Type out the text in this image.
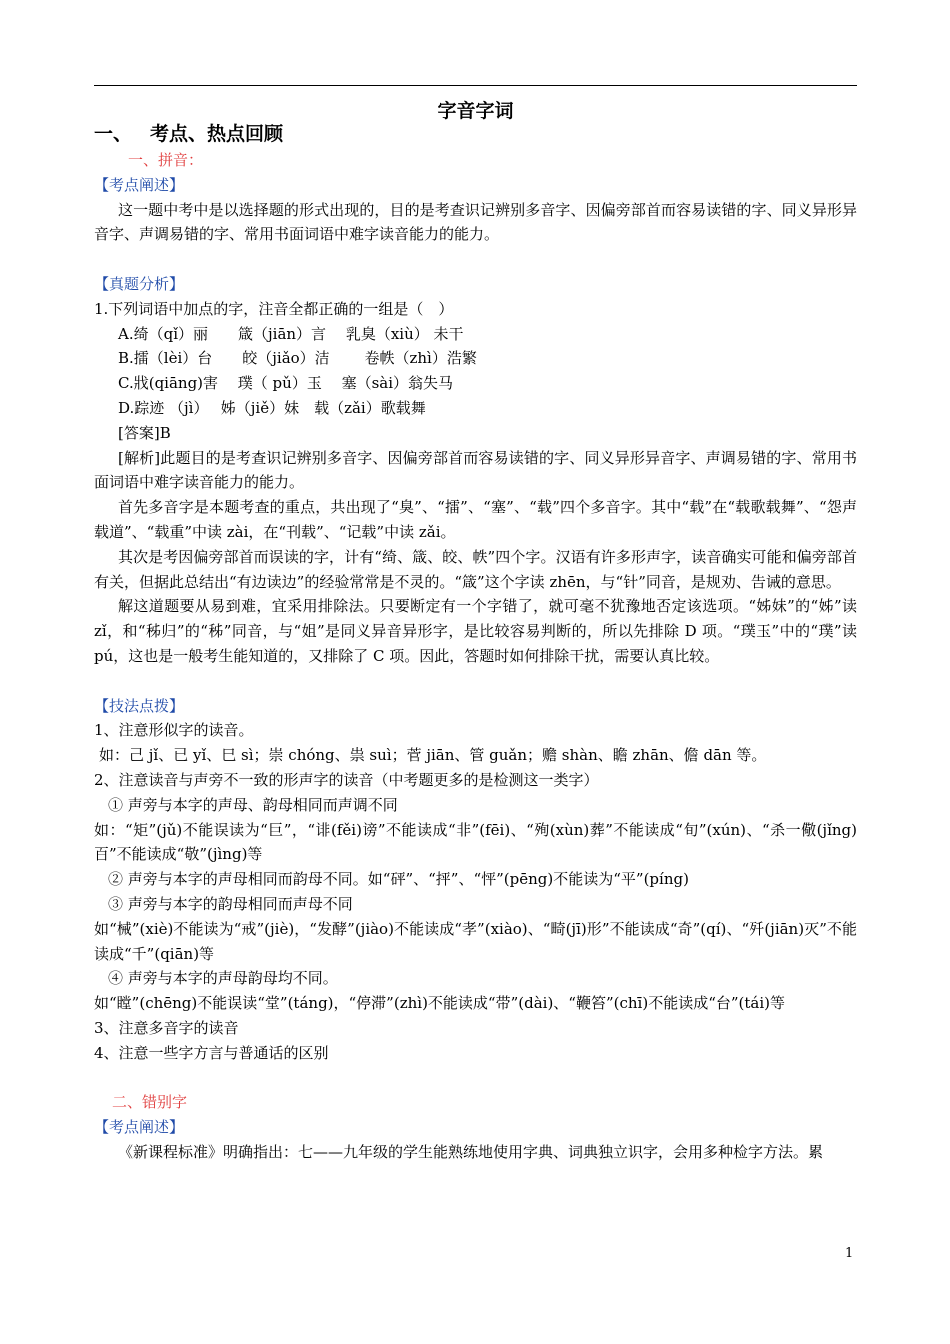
字音字词

一、 考点、热点回顾

一、拼音：

【考点阐述】

这一题中考中是以选择题的形式出现的，目的是考查识记辨别多音字、因偏旁部首而容易读错的字、同义异形异音字、声调易错的字、常用书面词语中难字读音能力的能力。

【真题分析】

1.下列词语中加点的字，注音全都正确的一组是（　）

A.绮（qǐ）丽　　箴（jiān）言　 乳臭（xiù） 未干

B.擂（lèi）台　　皎（jiǎo）洁　　 卷帙（zhì）浩繁

C.戕(qiāng)害　 璞（ pǔ）玉　 塞（sài）翁失马

D.踪迹 （jì）　 姊（jiě）妹　载（zǎi）歌载舞

[答案]B

[解析]此题目的是考查识记辨别多音字、因偏旁部首而容易读错的字、同义异形异音字、声调易错的字、常用书面词语中难字读音能力的能力。

首先多音字是本题考查的重点，共出现了“臭”、“擂”、“塞”、“载”四个多音字。其中“载”在“载歌载舞”、“怨声载道”、“载重”中读 zài，在“刊载”、“记载”中读 zǎi。

其次是考因偏旁部首而误读的字，计有“绮、箴、皎、帙”四个字。汉语有许多形声字，读音确实可能和偏旁部首有关，但据此总结出“有边读边”的经验常常是不灵的。“箴”这个字读 zhēn，与“针”同音，是规劝、告诫的意思。

解这道题要从易到难，宜采用排除法。只要断定有一个字错了，就可毫不犹豫地否定该选项。“姊妹”的“姊”读 zǐ，和“秭归”的“秭”同音，与“姐”是同义异音异形字，是比较容易判断的，所以先排除 D 项。“璞玉”中的“璞”读 pú，这也是一般考生能知道的，又排除了 C 项。因此，答题时如何排除干扰，需要认真比较。

【技法点拨】

1、注意形似字的读音。

如：己 jǐ、已 yǐ、巳 sì；崇 chóng、祟 suì；菅 jiān、管 guǎn；赡 shàn、瞻 zhān、儋 dān 等。

2、注意读音与声旁不一致的形声字的读音（中考题更多的是检测这一类字）

① 声旁与本字的声母、韵母相同而声调不同

如：“矩”(jǔ)不能误读为“巨”，“诽(fěi)谤”不能读成“非”(fēi)、“殉(xùn)葬”不能读成“旬”(xún)、“杀一儆(jǐng)百”不能读成“敬”(jìng)等

② 声旁与本字的声母相同而韵母不同。如“砰”、“抨”、“怦”(pēng)不能读为“平”(píng)

③ 声旁与本字的韵母相同而声母不同

如“械”(xiè)不能读为“戒”(jiè)，“发酵”(jiào)不能读成“孝”(xiào)、“畸(jī)形”不能读成“奇”(qí)、“歼(jiān)灭”不能读成“千”(qiān)等

④ 声旁与本字的声母韵母均不同。

如“瞠”(chēng)不能误读“堂”(táng)，“停滞”(zhì)不能读成“带”(dài)、“鞭笞”(chī)不能读成“台”(tái)等

3、注意多音字的读音

4、注意一些字方言与普通话的区别

二、错别字

【考点阐述】

《新课程标准》明确指出：七——九年级的学生能熟练地使用字典、词典独立识字，会用多种检字方法。累

1
